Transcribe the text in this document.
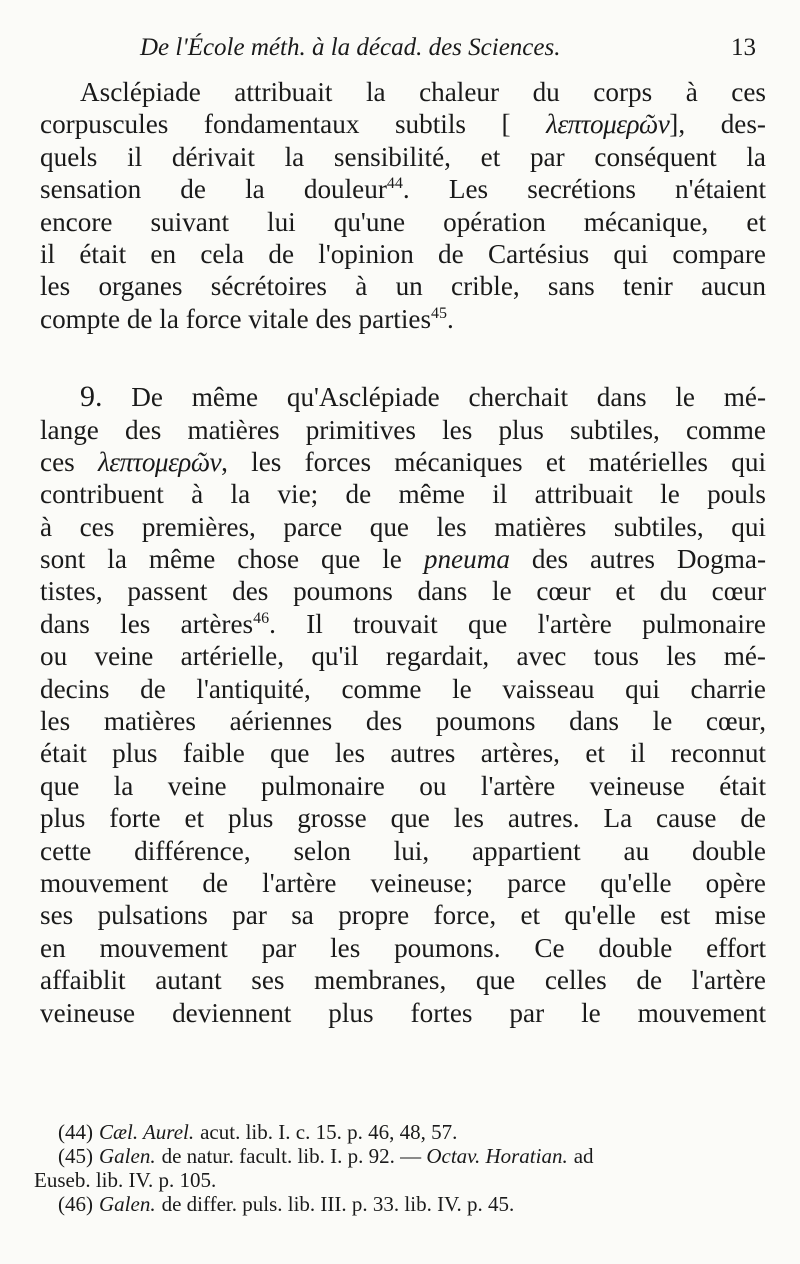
De l'École méth. à la décad. des Sciences.	13
Asclépiade attribuait la chaleur du corps à ces
corpuscules fondamentaux subtils [ λεπτομερῶν], des-
quels il dérivait la sensibilité, et par conséquent la
sensation de la douleur$^{44}$. Les secrétions n'étaient
encore suivant lui qu'une opération mécanique, et
il était en cela de l'opinion de Cartésius qui compare
les organes sécrétoires à un crible, sans tenir aucun
compte de la force vitale des parties$^{45}$.
9. De même qu'Asclépiade cherchait dans le mé-
lange des matières primitives les plus subtiles, comme
ces λεπτομερῶν, les forces mécaniques et matérielles qui
contribuent à la vie; de même il attribuait le pouls
à ces premières, parce que les matières subtiles, qui
sont la même chose que le pneuma des autres Dogma-
tistes, passent des poumons dans le cœur et du cœur
dans les artères$^{46}$. Il trouvait que l'artère pulmonaire
ou veine artérielle, qu'il regardait, avec tous les mé-
decins de l'antiquité, comme le vaisseau qui charrie
les matières aériennes des poumons dans le cœur,
était plus faible que les autres artères, et il reconnut
que la veine pulmonaire ou l'artère veineuse était
plus forte et plus grosse que les autres. La cause de
cette différence, selon lui, appartient au double
mouvement de l'artère veineuse; parce qu'elle opère
ses pulsations par sa propre force, et qu'elle est mise
en mouvement par les poumons. Ce double effort
affaiblit autant ses membranes, que celles de l'artère
veineuse deviennent plus fortes par le mouvement
(44) Cæl. Aurel. acut. lib. I. c. 15. p. 46, 48, 57.
(45) Galen. de natur. facult. lib. I. p. 92. — Octav. Horatian. ad
Euseb. lib. IV. p. 105.
(46) Galen. de differ. puls. lib. III. p. 33. lib. IV. p. 45.
